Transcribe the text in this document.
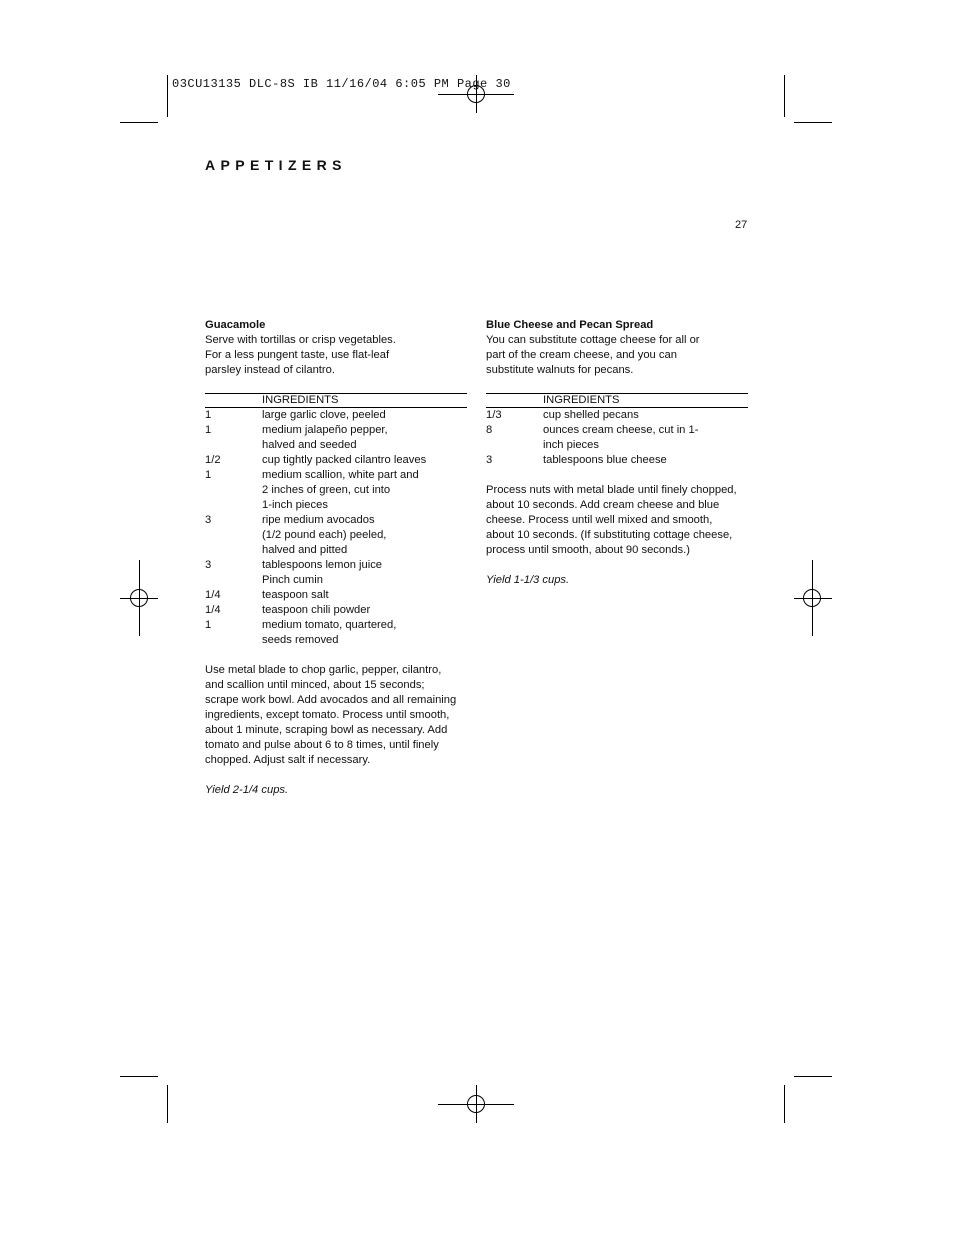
03CU13135 DLC-8S IB 11/16/04 6:05 PM Page 30
APPETIZERS
27
Guacamole
Serve with tortillas or crisp vegetables.
For a less pungent taste, use flat-leaf
parsley instead of cilantro.
INGREDIENTS
1	large garlic clove, peeled
1	medium jalapeño pepper,
halved and seeded
1/2	cup tightly packed cilantro leaves
1	medium scallion, white part and
2 inches of green, cut into
1-inch pieces
3	ripe medium avocados
(1/2 pound each) peeled,
halved and pitted
3	tablespoons lemon juice
Pinch cumin
1/4	teaspoon salt
1/4	teaspoon chili powder
1	medium tomato, quartered,
seeds removed
Use metal blade to chop garlic, pepper, cilantro,
and scallion until minced, about 15 seconds;
scrape work bowl. Add avocados and all remaining
ingredients, except tomato. Process until smooth,
about 1 minute, scraping bowl as necessary. Add
tomato and pulse about 6 to 8 times, until finely
chopped. Adjust salt if necessary.
Yield 2-1/4 cups.
Blue Cheese and Pecan Spread
You can substitute cottage cheese for all or
part of the cream cheese, and you can
substitute walnuts for pecans.
INGREDIENTS
1/3	cup shelled pecans
8	ounces cream cheese, cut in 1-
inch pieces
3	tablespoons blue cheese
Process nuts with metal blade until finely chopped,
about 10 seconds. Add cream cheese and blue
cheese. Process until well mixed and smooth,
about 10 seconds. (If substituting cottage cheese,
process until smooth, about 90 seconds.)
Yield 1-1/3 cups.
